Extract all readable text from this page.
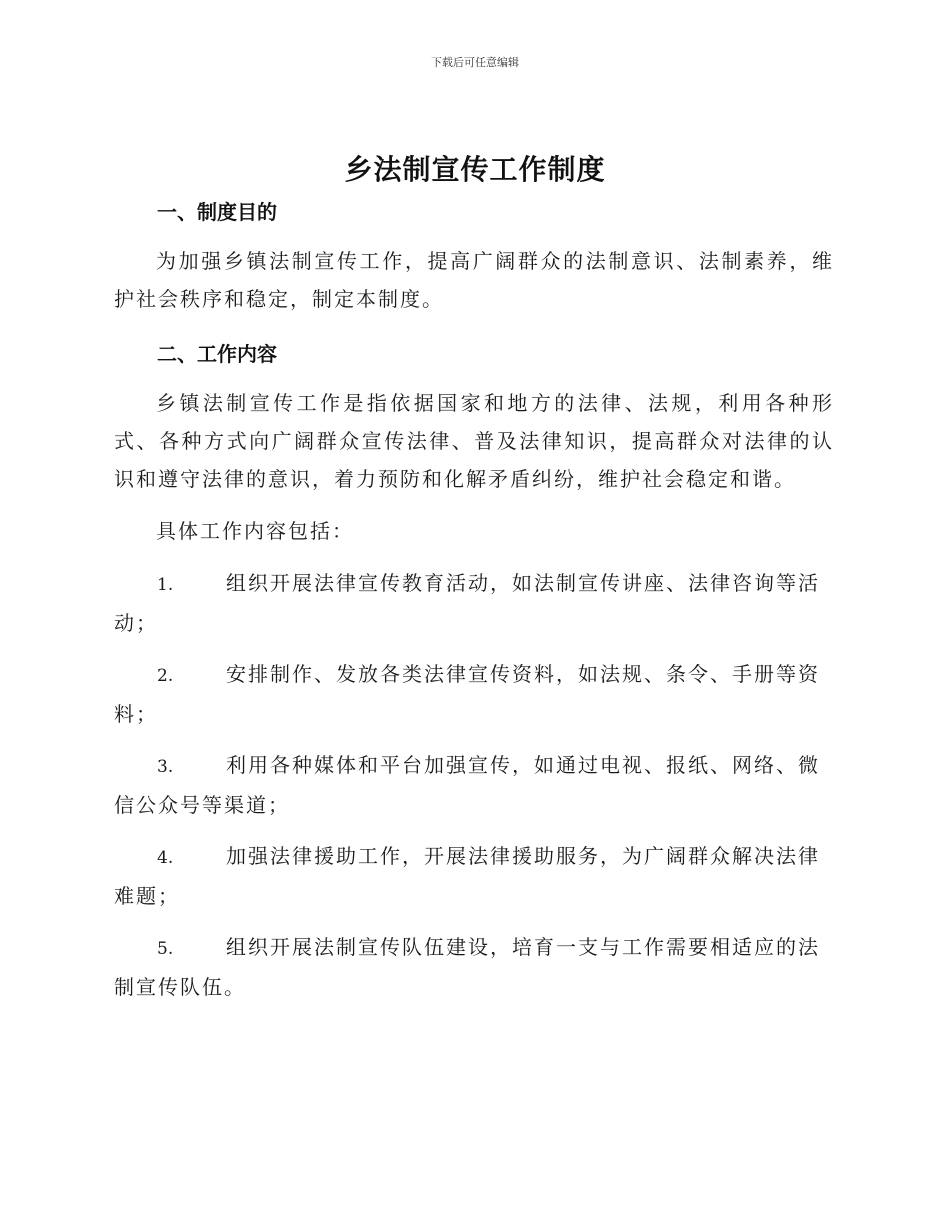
下载后可任意编辑
乡法制宣传工作制度
一、制度目的
为加强乡镇法制宣传工作，提高广阔群众的法制意识、法制素养，维护社会秩序和稳定，制定本制度。
二、工作内容
乡镇法制宣传工作是指依据国家和地方的法律、法规，利用各种形式、各种方式向广阔群众宣传法律、普及法律知识，提高群众对法律的认识和遵守法律的意识，着力预防和化解矛盾纠纷，维护社会稳定和谐。
具体工作内容包括：
1.	组织开展法律宣传教育活动，如法制宣传讲座、法律咨询等活动；
2.	安排制作、发放各类法律宣传资料，如法规、条令、手册等资料；
3.	利用各种媒体和平台加强宣传，如通过电视、报纸、网络、微信公众号等渠道；
4.	加强法律援助工作，开展法律援助服务，为广阔群众解决法律难题；
5.	组织开展法制宣传队伍建设，培育一支与工作需要相适应的法制宣传队伍。
